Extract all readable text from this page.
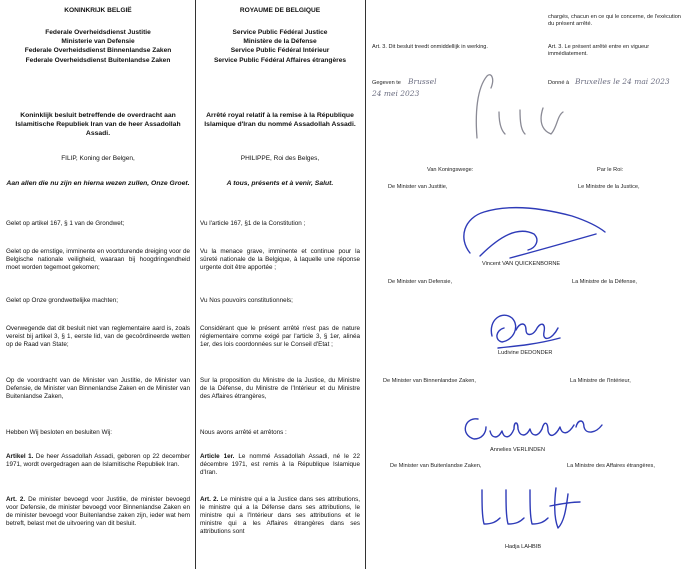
KONINKRIJK BELGIË
Federale Overheidsdienst Justitie
Ministerie van Defensie
Federale Overheidsdienst Binnenlandse Zaken
Federale Overheidsdienst Buitenlandse Zaken
Koninklijk besluit betreffende de overdracht aan Islamitische Republiek Iran van de heer Assadollah Assadi.
FILIP, Koning der Belgen,
Aan allen die nu zijn en hierna wezen zullen, Onze Groet.
Gelet op artikel 167, § 1 van de Grondwet;
Gelet op de ernstige, imminente en voortdurende dreiging voor de Belgische nationale veiligheid, waaraan bij hoogdringendheid moet worden tegemoet gekomen;
Gelet op Onze grondwettelijke machten;
Overwegende dat dit besluit niet van reglementaire aard is, zoals vereist bij artikel 3, § 1, eerste lid, van de gecoördineerde wetten op de Raad van State;
Op de voordracht van de Minister van Justitie, de Minister van Defensie, de Minister van Binnenlandse Zaken en de Minister van Buitenlandse Zaken,
Hebben Wij besloten en besluiten Wij:
Artikel 1. De heer Assadollah Assadi, geboren op 22 december 1971, wordt overgedragen aan de Islamitische Republiek Iran.
Art. 2. De minister bevoegd voor Justitie, de minister bevoegd voor Defensie, de minister bevoegd voor Binnenlandse Zaken en de minister bevoegd voor Buitenlandse zaken zijn, ieder wat hem betreft, belast met de uitvoering van dit besluit.
ROYAUME DE BELGIQUE
Service Public Fédéral Justice
Ministère de la Défense
Service Public Fédéral Intérieur
Service Public Fédéral Affaires étrangères
Arrêté royal relatif à la remise à la République Islamique d'Iran du nommé Assadollah Assadi.
PHILIPPE, Roi des Belges,
A tous, présents et à venir, Salut.
Vu l'article 167, §1 de la Constitution ;
Vu la menace grave, imminente et continue pour la sûreté nationale de la Belgique, à laquelle une réponse urgente doit être apportée ;
Vu Nos pouvoirs constitutionnels;
Considérant que le présent arrêté n'est pas de nature réglementaire comme exigé par l'article 3, § 1er, alinéa 1er, des lois coordonnées sur le Conseil d'Etat ;
Sur la proposition du Ministre de la Justice, du Ministre de la Défense, du Ministre de l'Intérieur et du Ministre des Affaires étrangères,
Nous avons arrêté et arrêtons :
Article 1er. Le nommé Assadollah Assadi, né le 22 décembre 1971, est remis à la République Islamique d'Iran.
Art. 2. Le ministre qui a la Justice dans ses attributions, le ministre qui a la Défense dans ses attributions, le ministre qui a l'Intérieur dans ses attributions et le ministre qui a les Affaires étrangères dans ses attributions sont
chargés, chacun en ce qui le concerne, de l'exécution du présent arrêté.
Art. 3. Dit besluit treedt onmiddellijk in werking.	Art. 3. Le présent arrêté entre en vigueur immédiatement.
Gegeven te Brussel
24 mei 2023
Donné à Bruxelles le 24 mai 2023
Van Koningswege:	Par le Roi:
De Minister van Justitie,	Le Ministre de la Justice,
Vincent VAN QUICKENBORNE
De Minister van Defensie,	La Ministre de la Défense,
Ludivine DEDONDER
De Minister van Binnenlandse Zaken,	La Ministre de l'Intérieur,
Annelies VERLINDEN
De Minister van Buitenlandse Zaken,	La Ministre des Affaires étrangères,
Hadja LAHBIB
